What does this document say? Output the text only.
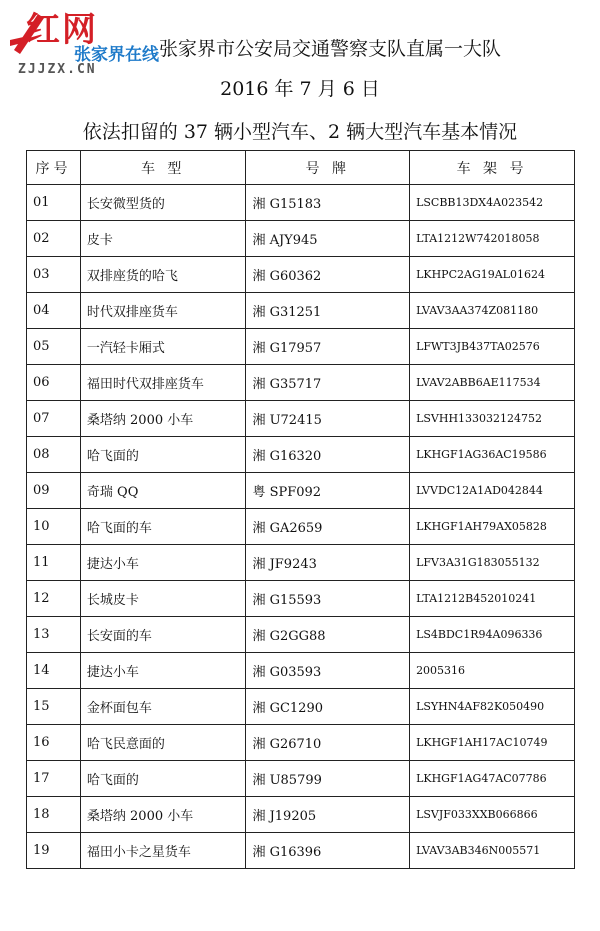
红网
张家界在线
ZJJZX.CN
张家界市公安局交通警察支队直属一大队
2016 年 7 月 6 日
依法扣留的 37 辆小型汽车、2 辆大型汽车基本情况
序号	车 型	号 牌	车 架 号
01	长安微型货的	湘 G15183	LSCBB13DX4A023542
02	皮卡	湘 AJY945	LTA1212W742018058
03	双排座货的哈飞	湘 G60362	LKHPC2AG19AL01624
04	时代双排座货车	湘 G31251	LVAV3AA374Z081180
05	一汽轻卡厢式	湘 G17957	LFWT3JB437TA02576
06	福田时代双排座货车	湘 G35717	LVAV2ABB6AE117534
07	桑塔纳 2000 小车	湘 U72415	LSVHH133032124752
08	哈飞面的	湘 G16320	LKHGF1AG36AC19586
09	奇瑞 QQ	粤 SPF092	LVVDC12A1AD042844
10	哈飞面的车	湘 GA2659	LKHGF1AH79AX05828
11	捷达小车	湘 JF9243	LFV3A31G183055132
12	长城皮卡	湘 G15593	LTA1212B452010241
13	长安面的车	湘 G2GG88	LS4BDC1R94A096336
14	捷达小车	湘 G03593	2005316
15	金杯面包车	湘 GC1290	LSYHN4AF82K050490
16	哈飞民意面的	湘 G26710	LKHGF1AH17AC10749
17	哈飞面的	湘 U85799	LKHGF1AG47AC07786
18	桑塔纳 2000 小车	湘 J19205	LSVJF033XXB066866
19	福田小卡之星货车	湘 G16396	LVAV3AB346N005571
